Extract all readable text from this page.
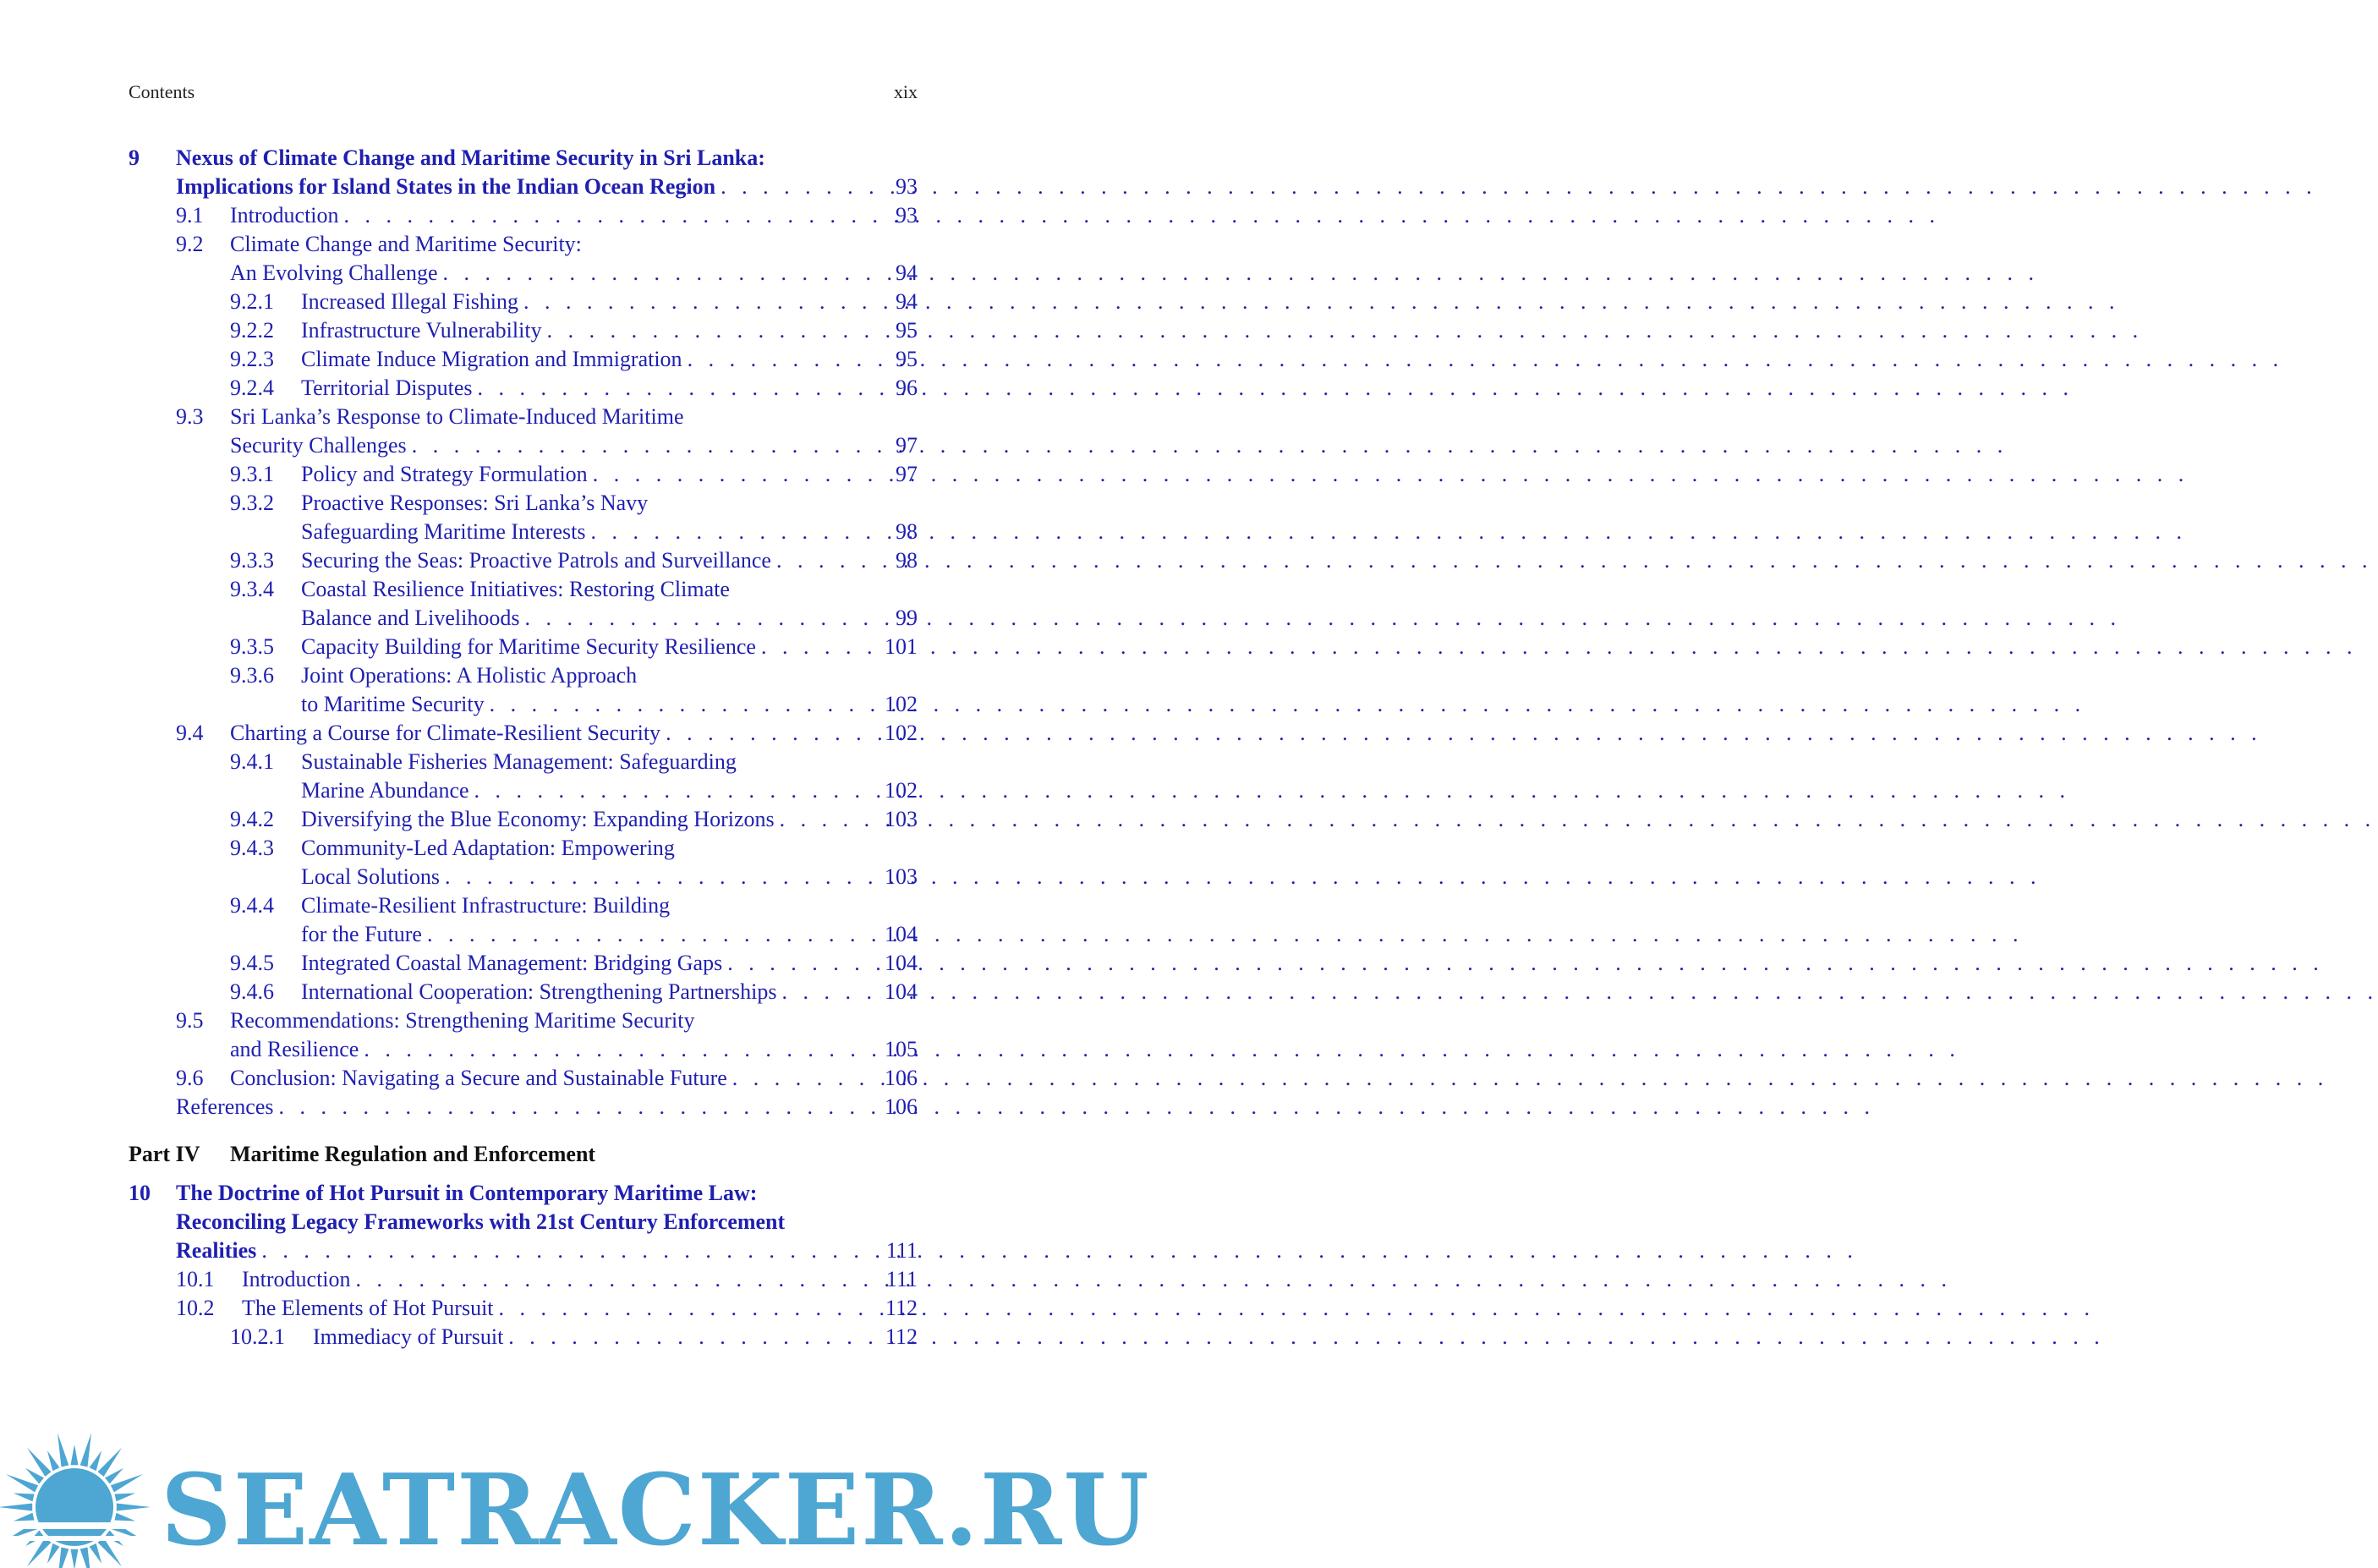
Contents	xix
9 Nexus of Climate Change and Maritime Security in Sri Lanka:
Implications for Island States in the Indian Ocean Region . . .	93
9.1 Introduction . . .	93
9.2 Climate Change and Maritime Security:
An Evolving Challenge . . .	94
9.2.1 Increased Illegal Fishing . . .	94
9.2.2 Infrastructure Vulnerability . . .	95
9.2.3 Climate Induce Migration and Immigration . . .	95
9.2.4 Territorial Disputes . . .	96
9.3 Sri Lanka’s Response to Climate-Induced Maritime
Security Challenges . . .	97
9.3.1 Policy and Strategy Formulation . . .	97
9.3.2 Proactive Responses: Sri Lanka’s Navy
Safeguarding Maritime Interests . . .	98
9.3.3 Securing the Seas: Proactive Patrols and Surveillance . . .	98
9.3.4 Coastal Resilience Initiatives: Restoring Climate
Balance and Livelihoods . . .	99
9.3.5 Capacity Building for Maritime Security Resilience . . .	101
9.3.6 Joint Operations: A Holistic Approach
to Maritime Security . . .	102
9.4 Charting a Course for Climate-Resilient Security . . .	102
9.4.1 Sustainable Fisheries Management: Safeguarding
Marine Abundance . . .	102
9.4.2 Diversifying the Blue Economy: Expanding Horizons . . .	103
9.4.3 Community-Led Adaptation: Empowering
Local Solutions . . .	103
9.4.4 Climate-Resilient Infrastructure: Building
for the Future . . .	104
9.4.5 Integrated Coastal Management: Bridging Gaps . . .	104
9.4.6 International Cooperation: Strengthening Partnerships . . .	104
9.5 Recommendations: Strengthening Maritime Security
and Resilience . . .	105
9.6 Conclusion: Navigating a Secure and Sustainable Future . . .	106
References . . .	106
Part IV Maritime Regulation and Enforcement
10 The Doctrine of Hot Pursuit in Contemporary Maritime Law:
Reconciling Legacy Frameworks with 21st Century Enforcement
Realities . . .	111
10.1 Introduction . . .	111
10.2 The Elements of Hot Pursuit . . .	112
10.2.1 Immediacy of Pursuit . . .	112
SEATRACKER.RU
